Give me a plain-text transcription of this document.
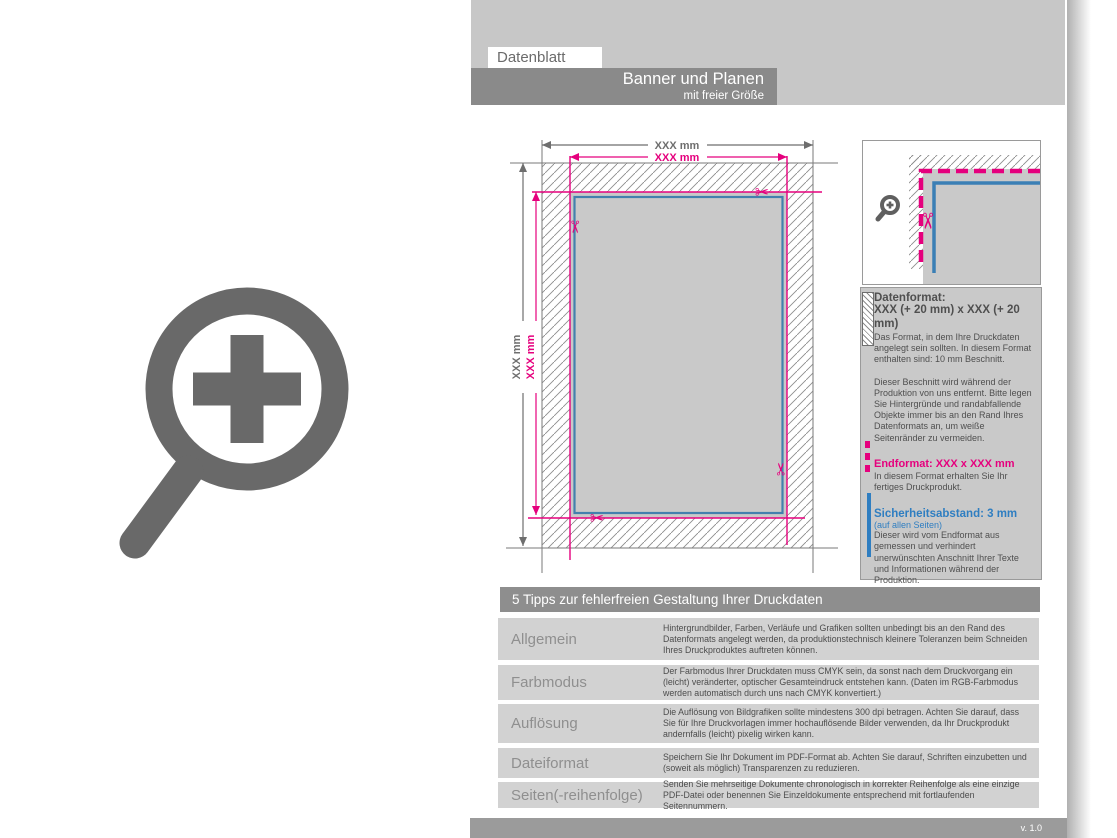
Datenblatt
Banner und Planen
mit freier Größe
XXX mm
XXX mm
XXX mm XXX mm
✂
✂
✂
✂
✂

Datenformat:

XXX (+ 20 mm) x XXX (+ 20 mm)

Das Format, in dem Ihre Druckdaten angelegt sein sollten. In diesem Format enthalten sind: 10 mm Beschnitt.

Dieser Beschnitt wird während der Produktion von uns entfernt. Bitte legen Sie Hintergründe und randabfallende Objekte immer bis an den Rand Ihres Datenformats an, um weiße Seitenränder zu vermeiden.

Endformat: XXX x XXX mm

In diesem Format erhalten Sie Ihr fertiges Druckprodukt.

Sicherheitsabstand: 3 mm

(auf allen Seiten)

Dieser wird vom Endformat aus gemessen und verhindert unerwünschten Anschnitt Ihrer Texte und Informationen während der Produktion.

5 Tipps zur fehlerfreien Gestaltung Ihrer Druckdaten
Allgemein
Hintergrundbilder, Farben, Verläufe und Grafiken sollten unbedingt bis an den Rand des Datenformats angelegt werden, da produktionstechnisch kleinere Toleranzen beim Schneiden Ihres Druckproduktes auftreten können.
Farbmodus
Der Farbmodus Ihrer Druckdaten muss CMYK sein, da sonst nach dem Druckvorgang ein (leicht) veränderter, optischer Gesamteindruck entstehen kann. (Daten im RGB-Farbmodus werden automatisch durch uns nach CMYK konvertiert.)
Auflösung
Die Auflösung von Bildgrafiken sollte mindestens 300 dpi betragen. Achten Sie darauf, dass Sie für Ihre Druckvorlagen immer hochauflösende Bilder verwenden, da Ihr Druckprodukt andernfalls (leicht) pixelig wirken kann.
Dateiformat	Speichern Sie Ihr Dokument im PDF-Format ab. Achten Sie darauf, Schriften einzubetten und (soweit als möglich) Transparenzen zu reduzieren.
Seiten(-reihenfolge)
Senden Sie mehrseitige Dokumente chronologisch in korrekter Reihenfolge als eine einzige PDF-Datei oder benennen Sie Einzeldokumente entsprechend mit fortlaufenden Seitennummern.
v. 1.0
